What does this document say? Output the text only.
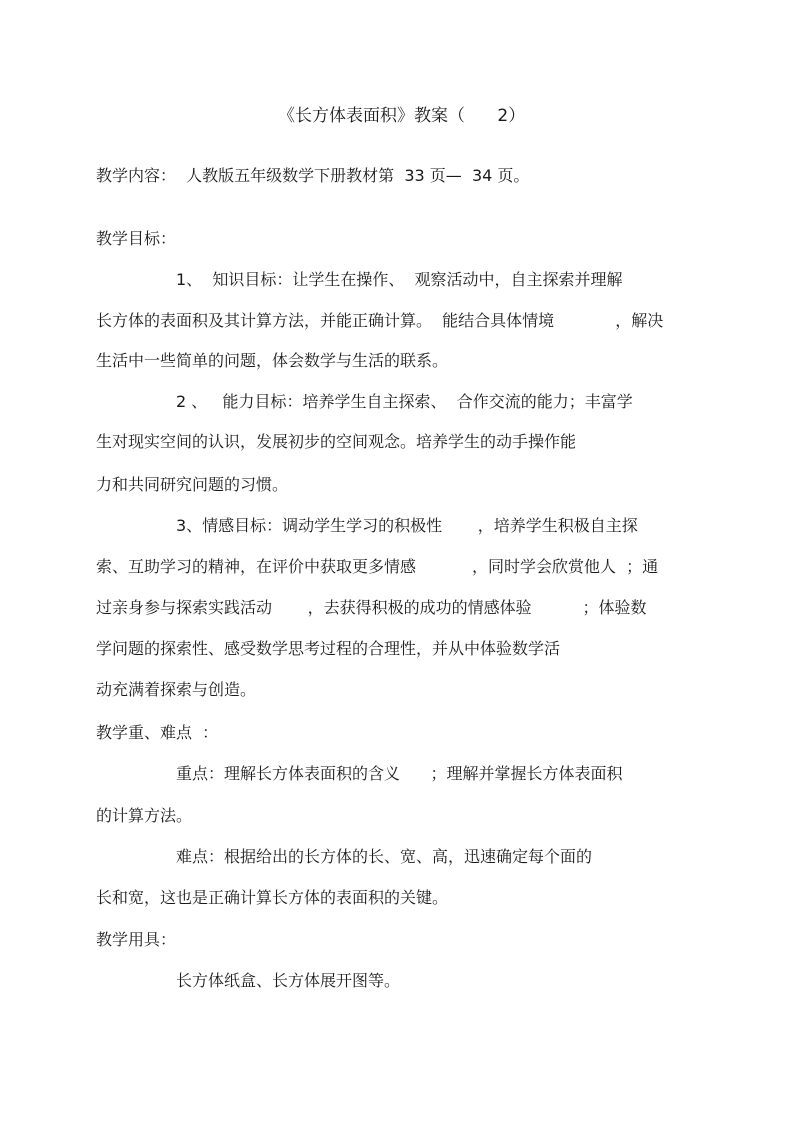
《长方体表面积》教案（      2）
教学内容：  人教版五年级数学下册教材第  33 页—  34 页。
教学目标：
1、  知识目标：让学生在操作、  观察活动中，自主探索并理解
长方体的表面积及其计算方法，并能正确计算。  能结合具体情境            ，解决
生活中一些简单的问题，体会数学与生活的联系。
2 、   能力目标：培养学生自主探索、  合作交流的能力；丰富学
生对现实空间的认识，发展初步的空间观念。培养学生的动手操作能
力和共同研究问题的习惯。
3、情感目标：调动学生学习的积极性       ，培养学生积极自主探
索、互助学习的精神，在评价中获取更多情感           ，同时学会欣赏他人  ；通
过亲身参与探索实践活动       ，去获得积极的成功的情感体验          ；体验数
学问题的探索性、感受数学思考过程的合理性，并从中体验数学活
动充满着探索与创造。
教学重、难点  ：
重点：理解长方体表面积的含义      ；理解并掌握长方体表面积
的计算方法。
难点：根据给出的长方体的长、宽、高，迅速确定每个面的
长和宽，这也是正确计算长方体的表面积的关键。
教学用具：
长方体纸盒、长方体展开图等。
